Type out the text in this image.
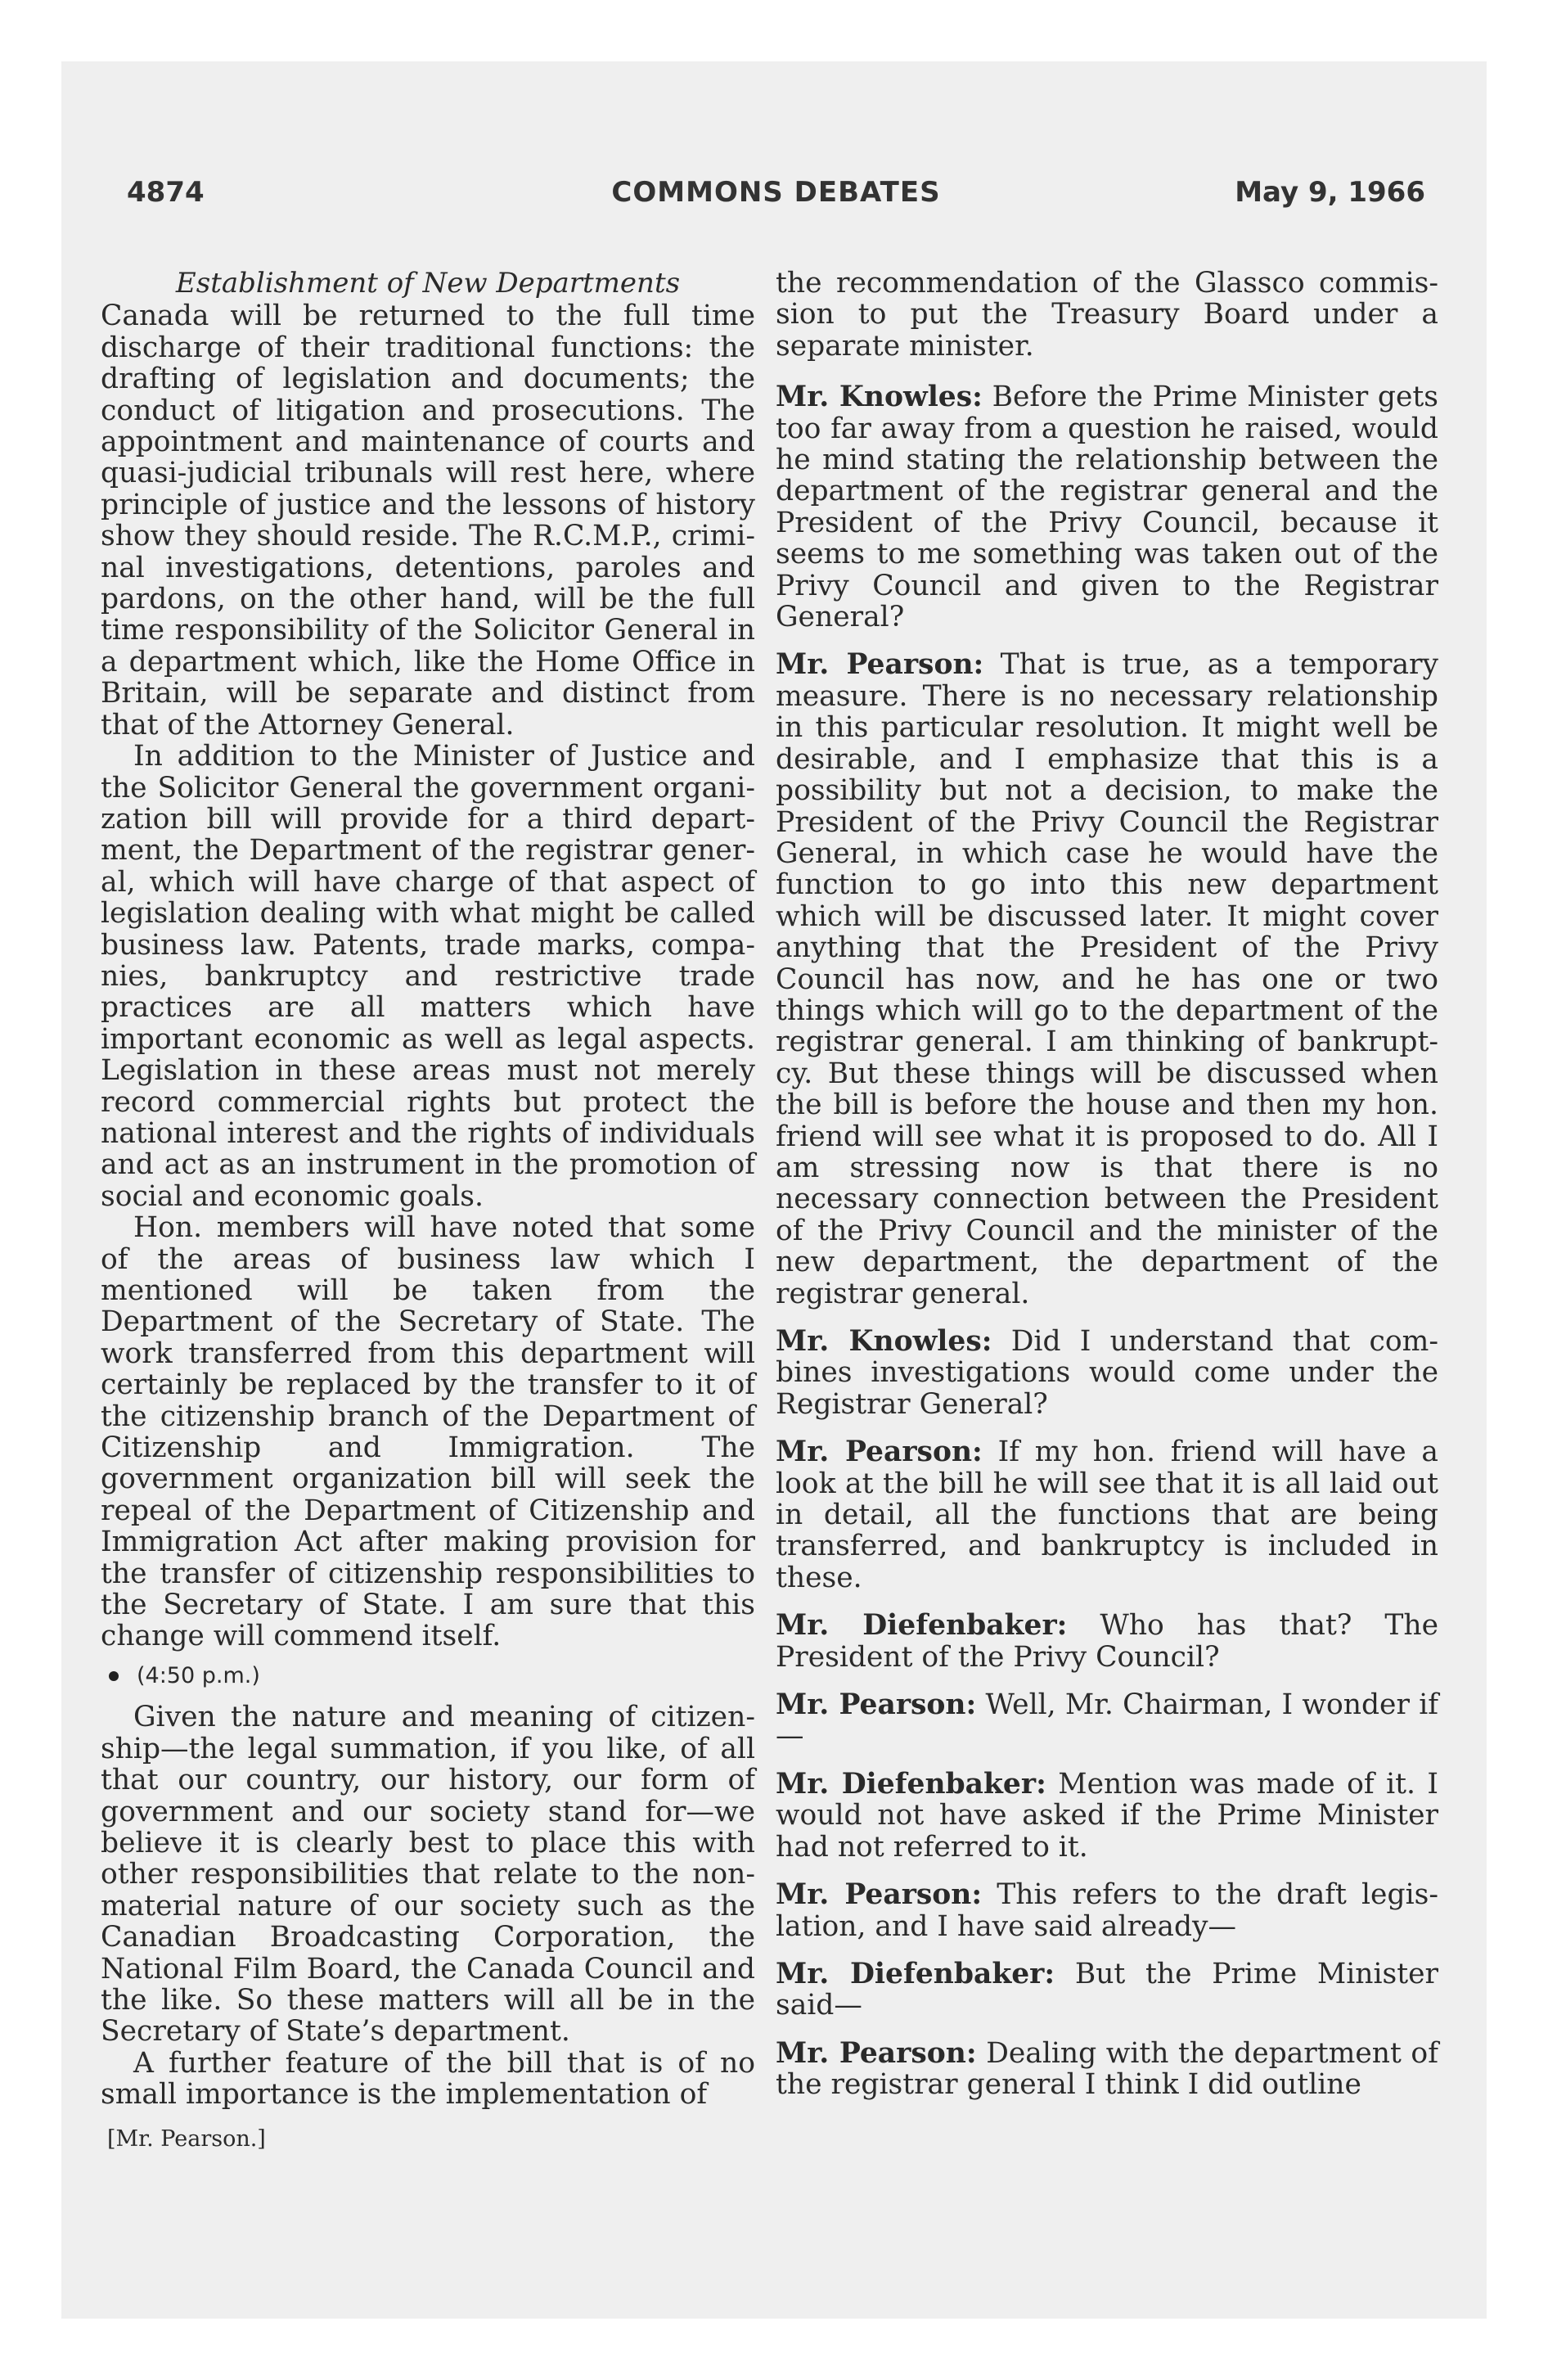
4874	COMMONS DEBATES	May 9, 1966
Establishment of New Departments

Canada will be returned to the full time discharge of their traditional functions: the drafting of legislation and documents; the conduct of litigation and prosecutions. The appointment and maintenance of courts and quasi-judicial tribunals will rest here, where principle of justice and the lessons of history show they should reside. The R.C.M.P., criminal investigations, detentions, paroles and pardons, on the other hand, will be the full time responsibility of the Solicitor General in a department which, like the Home Office in Britain, will be separate and distinct from that of the Attorney General.

In addition to the Minister of Justice and the Solicitor General the government organization bill will provide for a third department, the Department of the registrar general, which will have charge of that aspect of legislation dealing with what might be called business law. Patents, trade marks, companies, bankruptcy and restrictive trade practices are all matters which have important economic as well as legal aspects. Legislation in these areas must not merely record commercial rights but protect the national interest and the rights of individuals and act as an instrument in the promotion of social and economic goals.

Hon. members will have noted that some of the areas of business law which I mentioned will be taken from the Department of the Secretary of State. The work transferred from this department will certainly be replaced by the transfer to it of the citizenship branch of the Department of Citizenship and Immigration. The government organization bill will seek the repeal of the Department of Citizenship and Immigration Act after making provision for the transfer of citizenship responsibilities to the Secretary of State. I am sure that this change will commend itself.

(4:50 p.m.)

Given the nature and meaning of citizenship—the legal summation, if you like, of all that our country, our history, our form of government and our society stand for—we believe it is clearly best to place this with other responsibilities that relate to the nonmaterial nature of our society such as the Canadian Broadcasting Corporation, the National Film Board, the Canada Council and the like. So these matters will all be in the Secretary of State’s department.

A further feature of the bill that is of no small importance is the implementation of

[Mr. Pearson.]

the recommendation of the Glassco commission to put the Treasury Board under a separate minister.

Mr. Knowles: Before the Prime Minister gets too far away from a question he raised, would he mind stating the relationship between the department of the registrar general and the President of the Privy Council, because it seems to me something was taken out of the Privy Council and given to the Registrar General?

Mr. Pearson: That is true, as a temporary measure. There is no necessary relationship in this particular resolution. It might well be desirable, and I emphasize that this is a possibility but not a decision, to make the President of the Privy Council the Registrar General, in which case he would have the function to go into this new department which will be discussed later. It might cover anything that the President of the Privy Council has now, and he has one or two things which will go to the department of the registrar general. I am thinking of bankruptcy. But these things will be discussed when the bill is before the house and then my hon. friend will see what it is proposed to do. All I am stressing now is that there is no necessary connection between the President of the Privy Council and the minister of the new department, the department of the registrar general.

Mr. Knowles: Did I understand that combines investigations would come under the Registrar General?

Mr. Pearson: If my hon. friend will have a look at the bill he will see that it is all laid out in detail, all the functions that are being transferred, and bankruptcy is included in these.

Mr. Diefenbaker: Who has that? The President of the Privy Council?

Mr. Pearson: Well, Mr. Chairman, I wonder if—

Mr. Diefenbaker: Mention was made of it. I would not have asked if the Prime Minister had not referred to it.

Mr. Pearson: This refers to the draft legislation, and I have said already—

Mr. Diefenbaker: But the Prime Minister said—

Mr. Pearson: Dealing with the department of the registrar general I think I did outline
